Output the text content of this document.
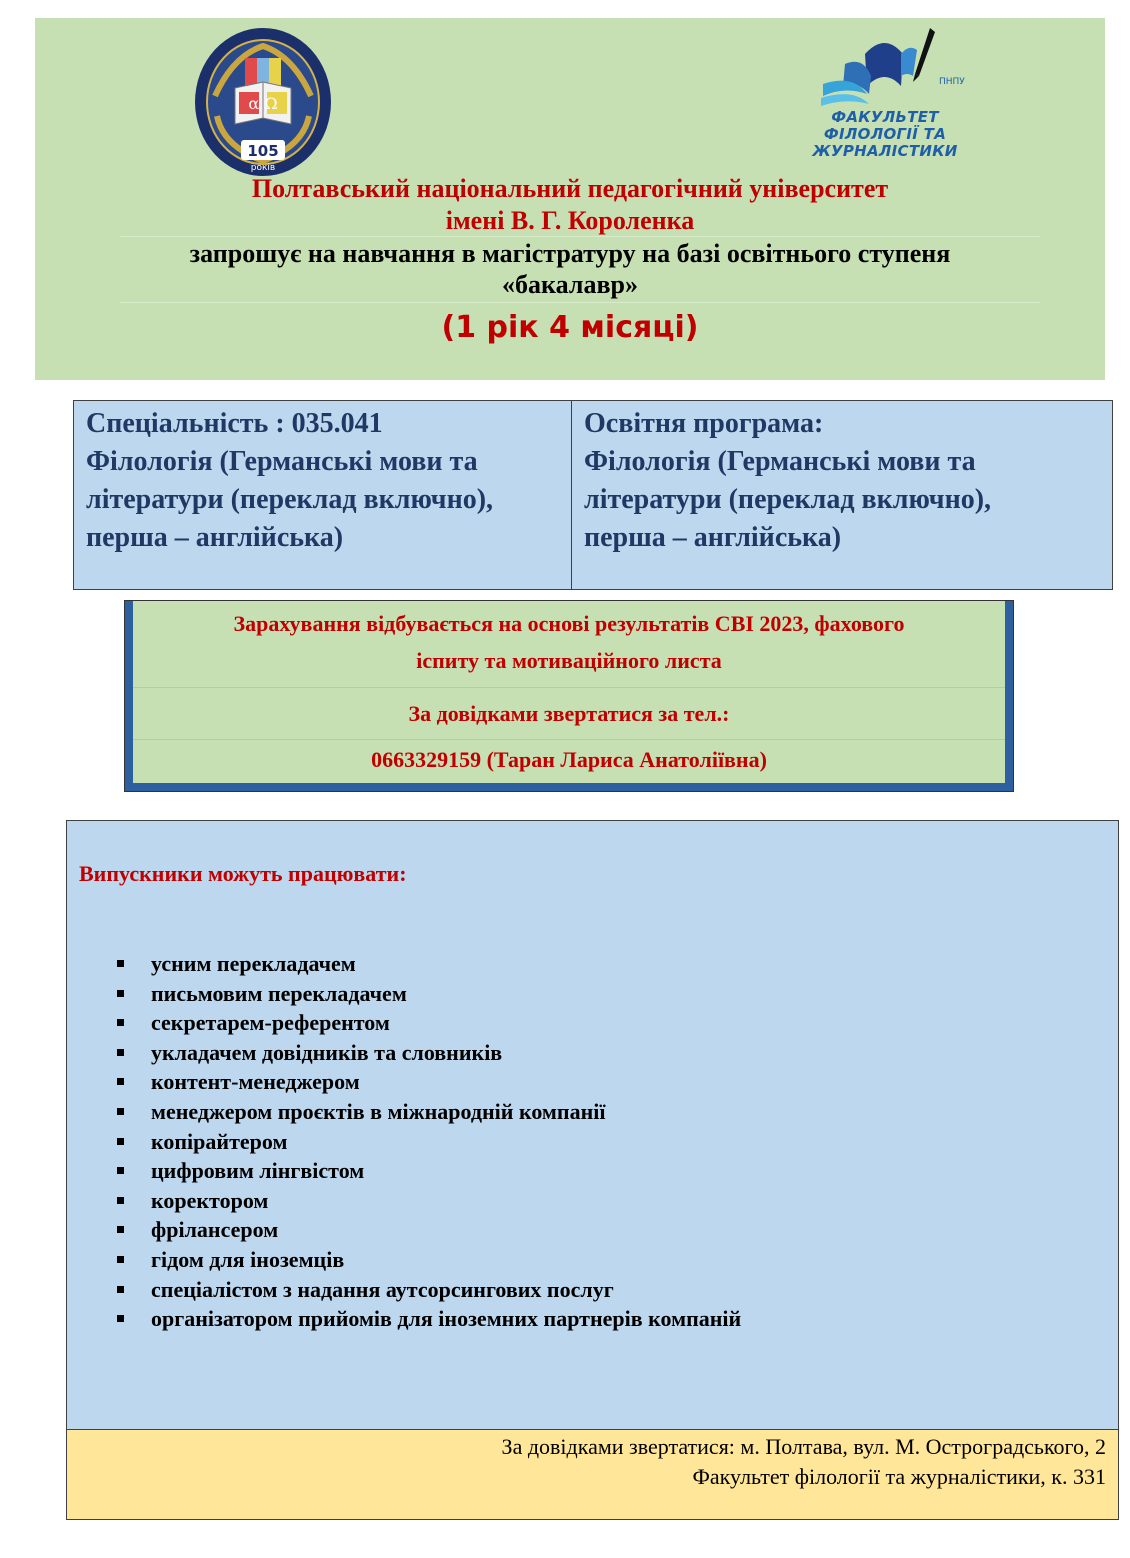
α Ω
105
років
ПНПУ
ФАКУЛЬТЕТ
ФІЛОЛОГІЇ ТА
ЖУРНАЛІСТИКИ
Полтавський національний педагогічний університет
імені В. Г. Короленка
запрошує на навчання в магістратуру на базі освітнього ступеня
«бакалавр»
(1 рік 4 місяці)
Спеціальність : 035.041
Філологія (Германські мови та
літератури (переклад включно),
перша – англійська)
Освітня програма:
Філологія (Германські мови та
літератури (переклад включно),
перша – англійська)
Зарахування відбувається на основі результатів СВІ 2023, фахового
іспиту та мотиваційного листа
За довідками звертатися за тел.:
0663329159 (Таран Лариса Анатоліївна)
Випускники можуть працювати:
усним перекладачем
письмовим перекладачем
секретарем-референтом
укладачем довідників та словників
контент-менеджером
менеджером проєктів в міжнародній компанії
копірайтером
цифровим лінгвістом
коректором
фрілансером
гідом для іноземців
спеціалістом з надання аутсорсингових послуг
організатором прийомів для іноземних партнерів компаній
За довідками звертатися: м. Полтава, вул. М. Остроградського, 2
Факультет філології та журналістики, к. 331
